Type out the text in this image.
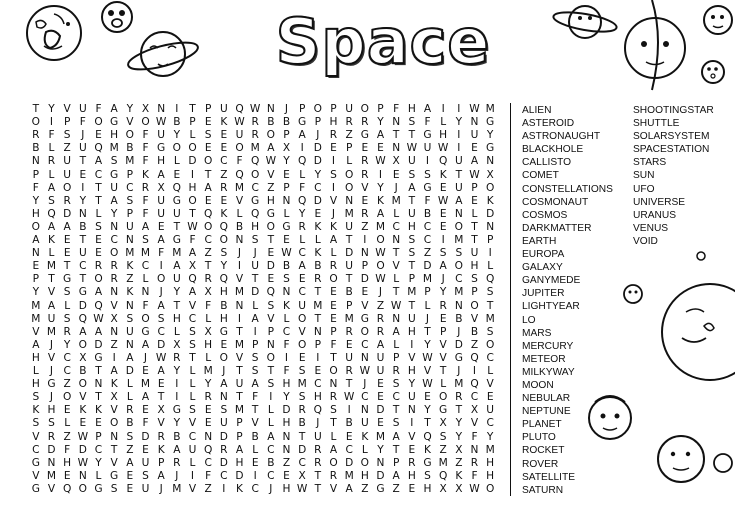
Space
T Y V U F A Y X N I	T P U Q W N J	P O P U O P F H A I	I W M
O I	P F O G V O W B P E K W R B B G P H R R Y N S F L Y N G
R F S	J	E H O F U Y L S E U R O P A J R Z G A T T G H I U Y
B L Z U Q M B F G O O E E O M A X I D E P E E N W U W I	E G
N R U T A S M F H L D O C F Q W Y Q D I	L R W X U I Q U A N
P L U E C G P K A E	I	T Z Q O V E L Y S O R I	E S S K T W X
F A O I	T U C R X Q H A R M C Z P F C I O V Y	J A G E U P O
Y S R Y T A S F U G O E E V G H N Q D V N E K M T F W A E K
H Q D N L Y P F U U T Q K L Q G L Y E	J M R A L U B E N L D
O A A B S N U A E T W O Q B H O G R K K U Z M C H C E O T N
A K E T E C N S A G F C O N S T E L L A T	I O N S C I M T P
N L E U E O M M F M A Z S	J	J	E W C K L D N W T S Z S S U I
E M T C R R K C I A X T Y	I U D B A B R U P O V T D A O H L
P T G T O R Z L O U Q R Q V T E S E R O T D W L P M J C S Q
Y V S G A N K N J	Y A X H M D Q N C T E B E	J	T M P Y M P S
M A L D Q V N F A T V F B N L S K U M E P V Z W T L R N O T
M U S Q W X S O S H C L H I A V L O T E M G R N U J	E B V M
V M R A A N U G C L S X G T	I	P C V N P R O R A H T P	J B S
A J	Y O D Z N A D X S H E M P N F O P F E C A L	I	Y V D Z O
H V C X G I A J W R T L O V S O I	E	I	T U N U P V W V G Q C
L	J C B T A D E A Y L M J	T S T F S E O R W U R H V T	J	I	L
H G Z O N K L M E	I	L Y A U A S H M C N T	J	E S Y W L M Q V
S	J O V T X L A T	I	L R N T F	I	Y S H R W C E C U E O R C E
K H E K K V R E X G S E S M T L D R Q S	I N D T N Y G T X U
S S L E E O B F V Y V E U P V L H B J	T B U E S	I	T X Y V C
V R Z W P N S D R B C N D P B A N T U L E K M A V Q S Y F Y
C D F D C T Z E K A U Q R A L C N D R A C L Y T E K Z X N M
G N H W Y V A U P R L C D H E B Z C R O D O N P R G M Z R H
V M E N L G E S A J	I	F C D I C E X T R M H D A H S Q K F H
G V Q O G S E U J M V Z I	K C J H W T V A Z G Z E H X X W O
ALIEN
ASTEROID
ASTRONAUGHT
BLACKHOLE
CALLISTO
COMET
CONSTELLATIONS
COSMONAUT
COSMOS
DARKMATTER
EARTH
EUROPA
GALAXY
GANYMEDE
JUPITER
LIGHTYEAR
LO
MARS
MERCURY
METEOR
MILKYWAY
MOON
NEBULAR
NEPTUNE
PLANET
PLUTO
ROCKET
ROVER
SATELLITE
SATURN
SHOOTINGSTAR
SHUTTLE
SOLARSYSTEM
SPACESTATION
STARS
SUN
UFO
UNIVERSE
URANUS
VENUS
VOID
